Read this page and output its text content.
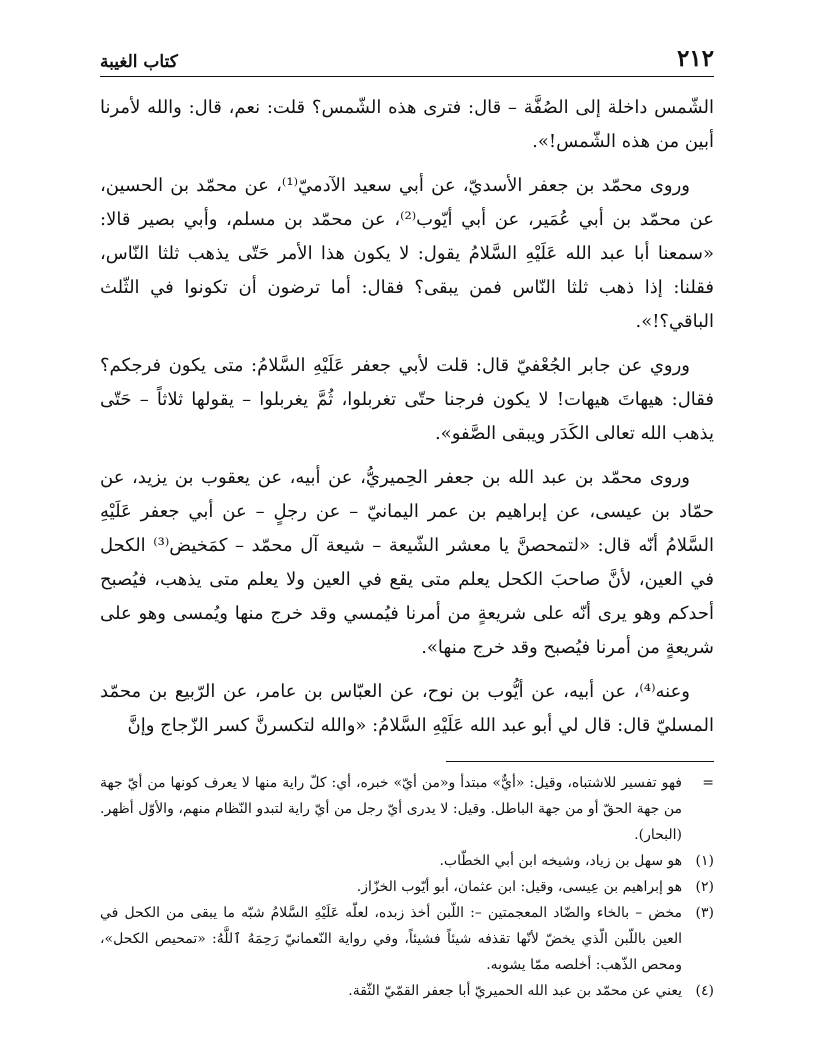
٢١٢
كتاب الغيبة

الشّمس داخلة إلى الصُفَّة – قال: فترى هذه الشّمس؟ قلت: نعم، قال: والله لأمرنا أبين من هذه الشّمس!».

وروى محمّد بن جعفر الأسديّ، عن أبي سعيد الآدميّ⁽¹⁾، عن محمّد بن الحسين، عن محمّد بن أبي عُمَير، عن أبي أيّوب⁽²⁾، عن محمّد بن مسلم، وأبي بصير قالا: «سمعنا أبا عبد الله عَلَيْهِ السَّلامُ يقول: لا يكون هذا الأمر حَتّى يذهب ثلثا النّاس، فقلنا: إذا ذهب ثلثا النّاس فمن يبقى؟ فقال: أما ترضون أن تكونوا في الثّلث الباقي؟!».

وروي عن جابر الجُعْفيّ قال: قلت لأبي جعفر عَلَيْهِ السَّلامُ: متى يكون فرجكم؟ فقال: هيهاتَ هيهات! لا يكون فرجنا حتّى تغربلوا، ثُمَّ يغربلوا – يقولها ثلاثاً – حَتّى يذهب الله تعالى الكَدَر ويبقى الصَّفو».

وروى محمّد بن عبد الله بن جعفر الحِميريُّ، عن أبيه، عن يعقوب بن يزيد، عن حمّاد بن عيسى، عن إبراهيم بن عمر اليمانيّ – عن رجلٍ – عن أبي جعفر عَلَيْهِ السَّلامُ أنّه قال: «لتمحصنَّ يا معشر الشّيعة – شيعة آل محمّد – كمَخيض⁽³⁾ الكحل في العين، لأنَّ صاحبَ الكحل يعلم متى يقع في العين ولا يعلم متى يذهب، فيُصبح أحدكم وهو يرى أنّه على شريعةٍ من أمرنا فيُمسي وقد خرج منها ويُمسى وهو على شريعةٍ من أمرنا فيُصبح وقد خرج منها».

وعنه⁽⁴⁾، عن أبيه، عن أيُّوب بن نوح، عن العبّاس بن عامر، عن الرّبيع بن محمّد المسليّ قال: قال لي أبو عبد الله عَلَيْهِ السَّلامُ: «والله لتكسرنَّ كسر الزّجاج وإنَّ

=
فهو تفسير للاشتباه، وقيل: «أيٌّ» مبتدأ و«من أيّ» خبره، أي: كلّ راية منها لا يعرف كونها من أيّ جهة من جهة الحقّ أو من جهة الباطل. وقيل: لا يدرى أيّ رجل من أيّ راية لتبدو النّظام منهم، والأوّل أظهر. (البحار).
(١)
هو سهل بن زياد، وشيخه ابن أبي الخطّاب.
(٢)
هو إبراهيم بن عِيسى، وقيل: ابن عثمان، أبو أيّوب الخزّاز.
(٣)
مخض – بالخاء والضّاد المعجمتين –: اللّبن أخذ زبده، لعلّه عَلَيْهِ السَّلامُ شبّه ما يبقى من الكحل في العين باللّبن الّذي يخضّ لأنّها تقذفه شيئاً فشيئاً، وفي رواية النّعمانيّ رَحِمَهُ ٱللَّهُ: «تمحيص الكحل»، ومحص الذّهب: أخلصه ممّا يشوبه.
(٤)
يعني عن محمّد بن عبد الله الحميريّ أبا جعفر القمّيّ الثّقة.
